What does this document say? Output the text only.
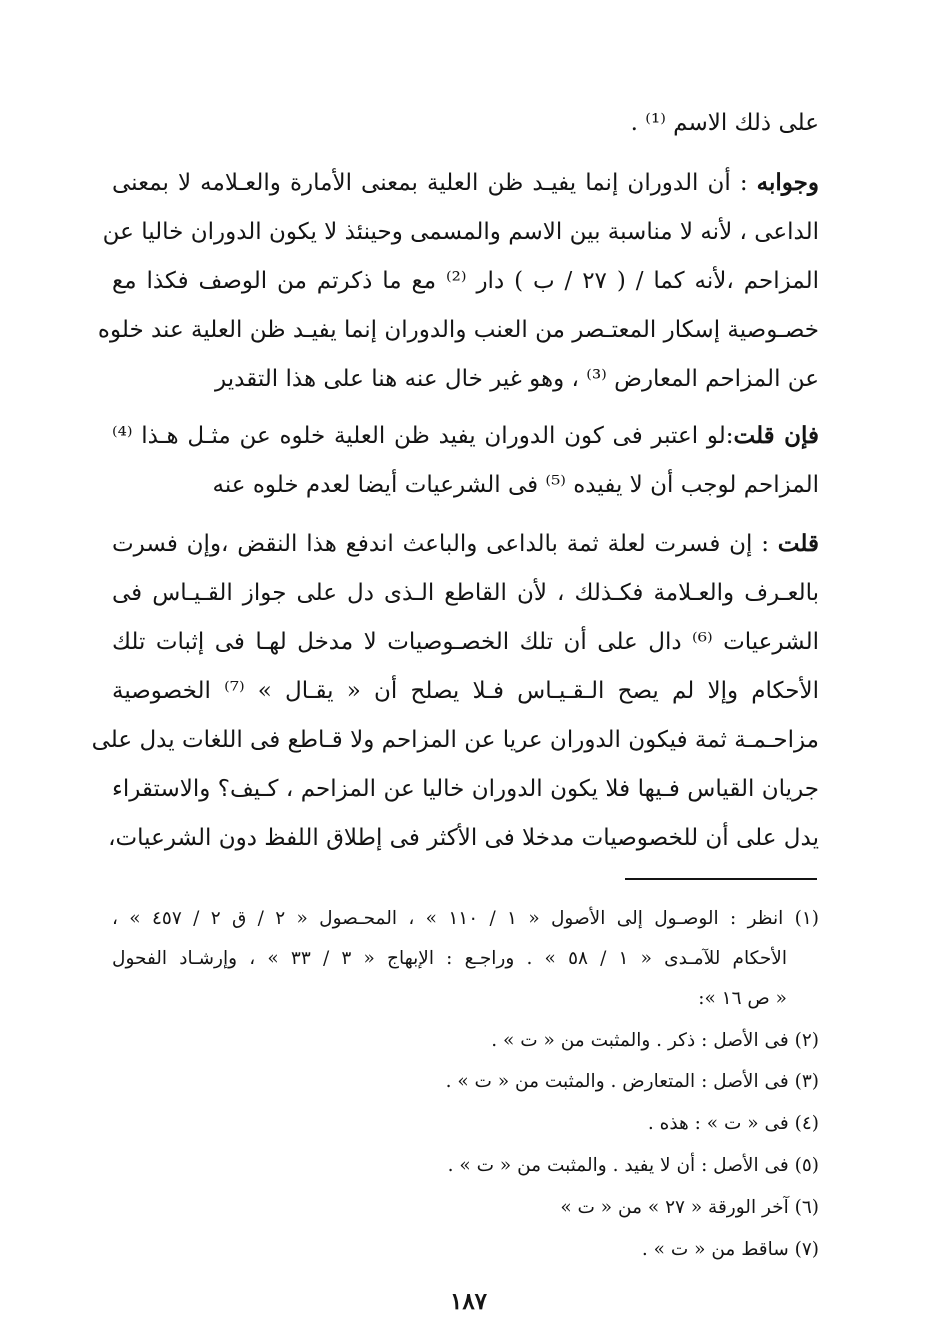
على ذلك الاسم ⁽¹⁾ .
وجوابه : أن الدوران إنما يفيـد ظن العلية بمعنى الأمارة والعـلامه لا بمعنى
الداعى ، لأنه لا مناسبة بين الاسم والمسمى وحينئذ لا يكون الدوران خاليا عن
المزاحم ،لأنه كما / ( ٢٧ / ب ) دار ⁽²⁾ مع ما ذكرتم من الوصف فكذا مع
خصـوصية إسكار المعتـصر من العنب والدوران إنما يفيـد ظن العلية عند خلوه
عن المزاحم المعارض ⁽³⁾ ، وهو غير خال عنه هنا على هذا التقدير
فإن قلت:لو اعتبر فى كون الدوران يفيد ظن العلية خلوه عن مثـل هـذا ⁽⁴⁾
المزاحم لوجب أن لا يفيده ⁽⁵⁾ فى الشرعيات أيضا لعدم خلوه عنه
قلت : إن فسرت لعلة ثمة بالداعى والباعث اندفع هذا النقض ،وإن فسرت
بالعـرف والعـلامة فكـذلك ، لأن القاطع الـذى دل على جواز القـيـاس فى
الشرعيات ⁽⁶⁾ دال على أن تلك الخصـوصيات لا مدخل لهـا فى إثبات تلك
الأحكام وإلا لم يصح الـقـيـاس فـلا يصلح أن « يقـال » ⁽⁷⁾ الخصوصية
مزاحـمـة ثمة فيكون الدوران عريا عن المزاحم ولا قـاطع فى اللغات يدل على
جريان القياس فـيها فلا يكون الدوران خاليا عن المزاحم ، كـيف؟ والاستقراء
يدل على أن للخصوصيات مدخلا فى الأكثر فى إطلاق اللفظ دون الشرعيات،
(١) انظر : الوصـول إلى الأصول « ١ / ١١٠ » ، المحـصول « ٢ / ق ٢ / ٤٥٧ » ،
الأحكام للآمـدى « ١ / ٥٨ » . وراجـع : الإبهاج « ٣ / ٣٣ » ، وإرشـاد الفحول
« ص ١٦ »:
(٢) فى الأصل : ذكر . والمثبت من « ت » .
(٣) فى الأصل : المتعارض . والمثبت من « ت » .
(٤) فى « ت » : هذه .
(٥) فى الأصل : أن لا يفيد . والمثبت من « ت » .
(٦) آخر الورقة « ٢٧ » من « ت »
(٧) ساقط من « ت » .
١٨٧
